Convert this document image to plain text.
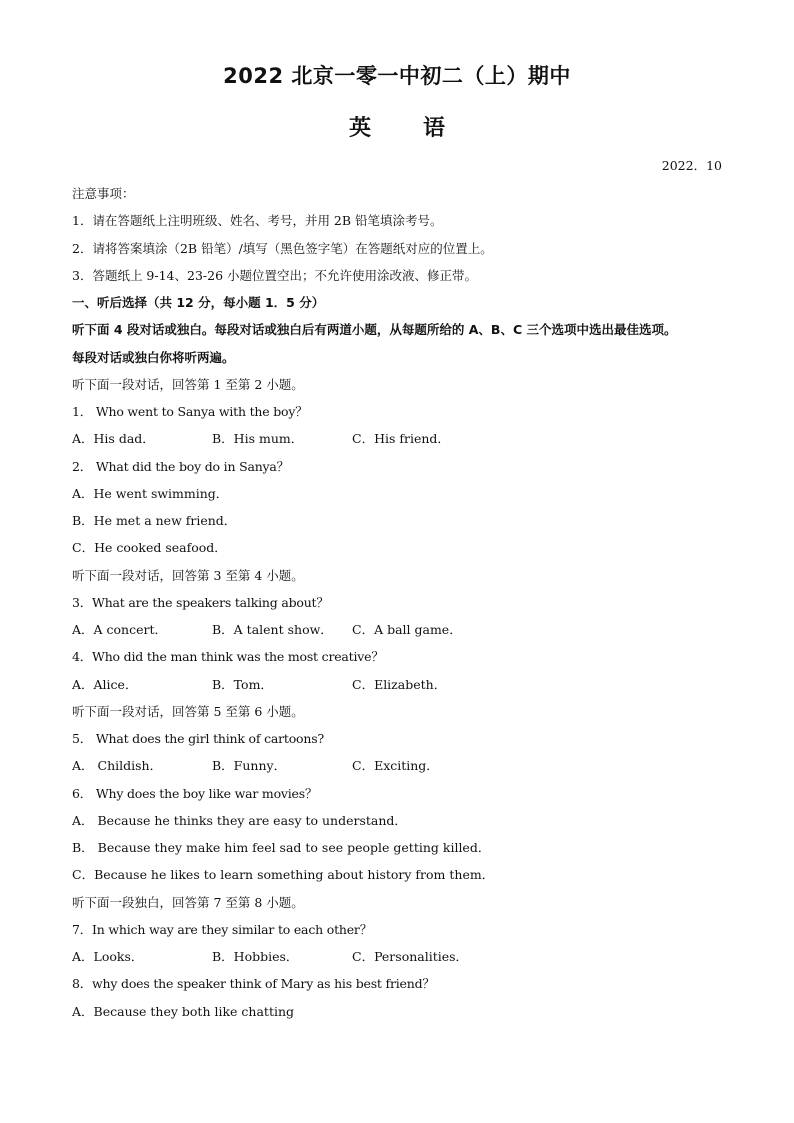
2022 北京一零一中初二（上）期中
英 语
2022．10
注意事项：
1．请在答题纸上注明班级、姓名、考号，并用 2B 铅笔填涂考号。
2．请将答案填涂（2B 铅笔）/填写（黑色签字笔）在答题纸对应的位置上。
3．答题纸上 9-14、23-26 小题位置空出；不允许使用涂改液、修正带。
一、听后选择（共 12 分，每小题 1．5 分）
听下面 4 段对话或独白。每段对话或独白后有两道小题，从每题所给的 A、B、C 三个选项中选出最佳选项。
每段对话或独白你将听两遍。
听下面一段对话，回答第 1 至第 2 小题。
1． Who went to Sanya with the boy？
A．His dad．	B．His mum．	C．His friend．
2． What did the boy do in Sanya？
A．He went swimming．
B．He met a new friend．
C．He cooked seafood．
听下面一段对话，回答第 3 至第 4 小题。
3．What are the speakers talking about？
A．A concert．	B．A talent show． C．A ball game．
4．Who did the man think was the most creative？
A．Alice．	B．Tom．	C．Elizabeth．
听下面一段对话，回答第 5 至第 6 小题。
5． What does the girl think of cartoons?
A． Childish．	B．Funny．	C．Exciting．
6． Why does the boy like war movies？
A． Because he thinks they are easy to understand．
B． Because they make him feel sad to see people getting killed．
C．Because he likes to learn something about history from them．
听下面一段独白，回答第 7 至第 8 小题。
7．In which way are they similar to each other？
A．Looks．	B．Hobbies．	C．Personalities．
8．why does the speaker think of Mary as his best friend？
A．Because they both like chatting
